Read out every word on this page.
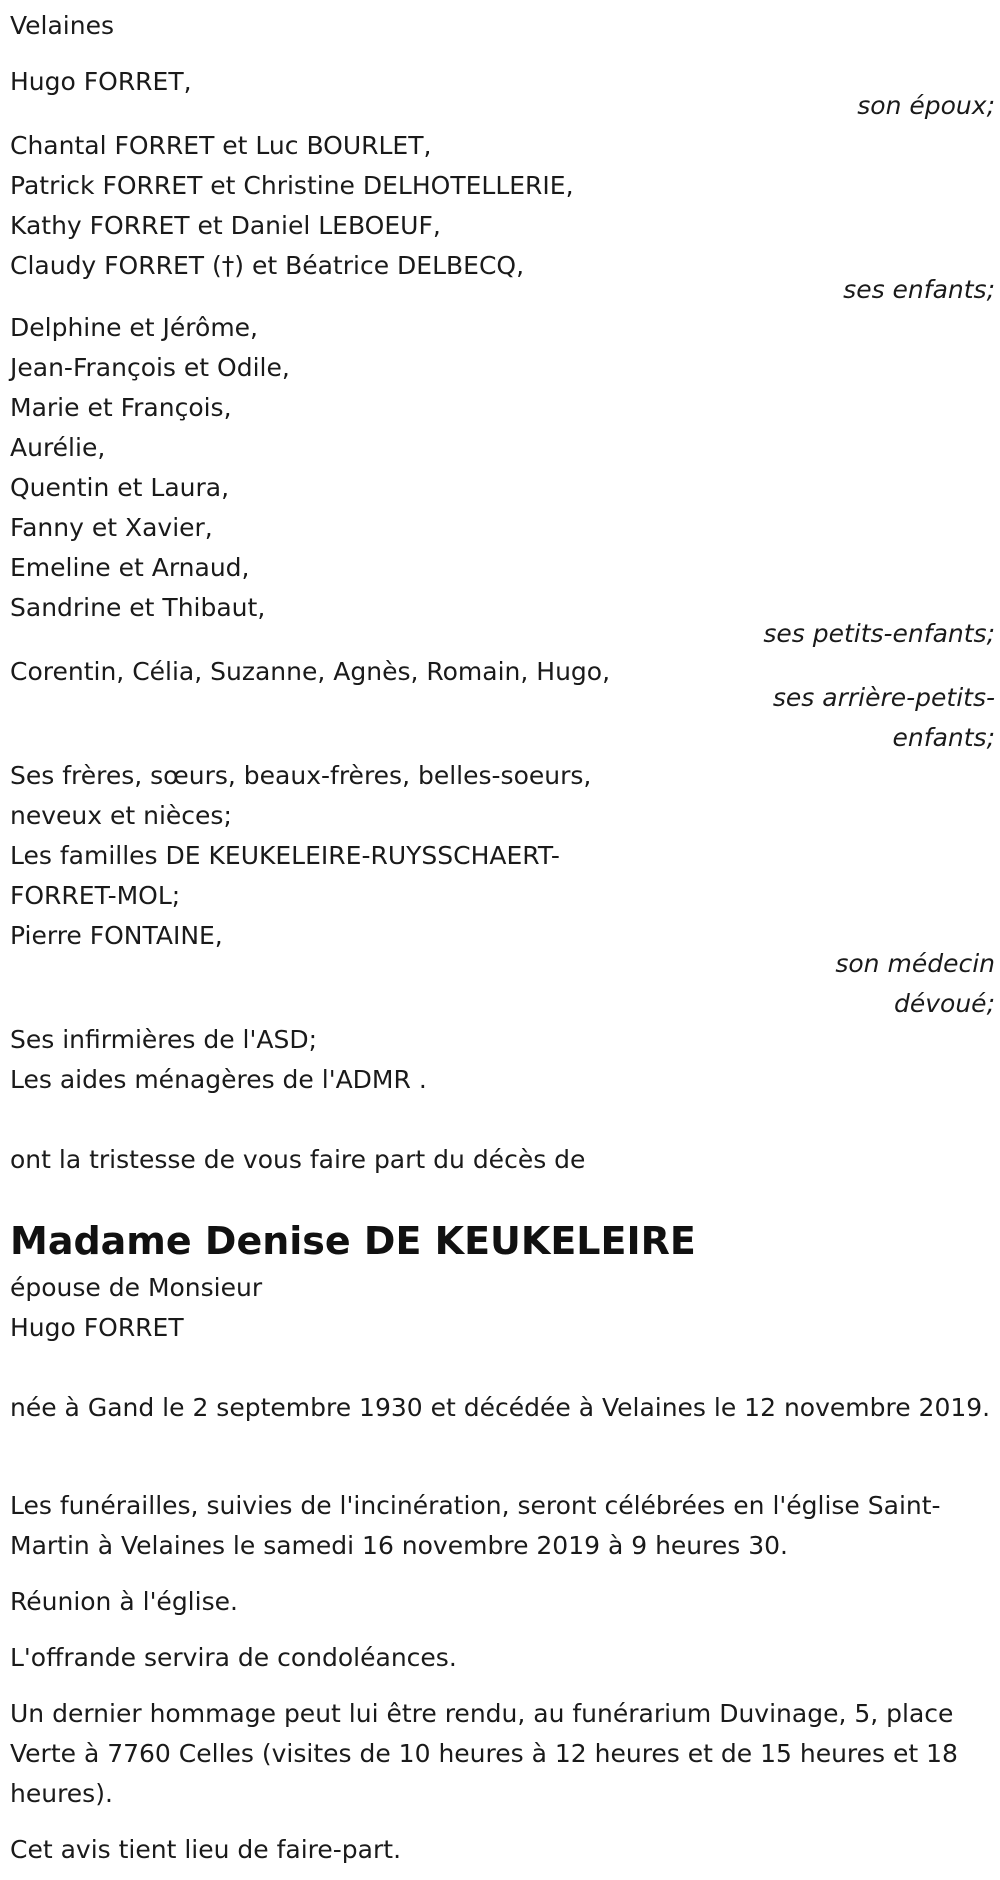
Velaines
Hugo FORRET,
son époux;
Chantal FORRET et Luc BOURLET,
Patrick FORRET et Christine DELHOTELLERIE,
Kathy FORRET et Daniel LEBOEUF,
Claudy FORRET (†) et Béatrice DELBECQ,
ses enfants;
Delphine et Jérôme,
Jean-François et Odile,
Marie et François,
Aurélie,
Quentin et Laura,
Fanny et Xavier,
Emeline et Arnaud,
Sandrine et Thibaut,
ses petits-enfants;
Corentin, Célia, Suzanne, Agnès, Romain, Hugo,
ses arrière-petits-enfants;
Ses frères, sœurs, beaux-frères, belles-soeurs,
neveux et nièces;
Les familles DE KEUKELEIRE-RUYSSCHAERT-
FORRET-MOL;
Pierre FONTAINE,
son médecin dévoué;
Ses infirmières de l'ASD;
Les aides ménagères de l'ADMR .
ont la tristesse de vous faire part du décès de
Madame Denise DE KEUKELEIRE
épouse de Monsieur
Hugo FORRET
née à Gand le 2 septembre 1930 et décédée à Velaines le 12 novembre 2019.
Les funérailles, suivies de l'incinération, seront célébrées en l'église Saint-Martin à Velaines le samedi 16 novembre 2019 à 9 heures 30.
Réunion à l'église.
L'offrande servira de condoléances.
Un dernier hommage peut lui être rendu, au funérarium Duvinage, 5, place Verte à 7760 Celles (visites de 10 heures à 12 heures et de 15 heures et 18 heures).
Cet avis tient lieu de faire-part.
